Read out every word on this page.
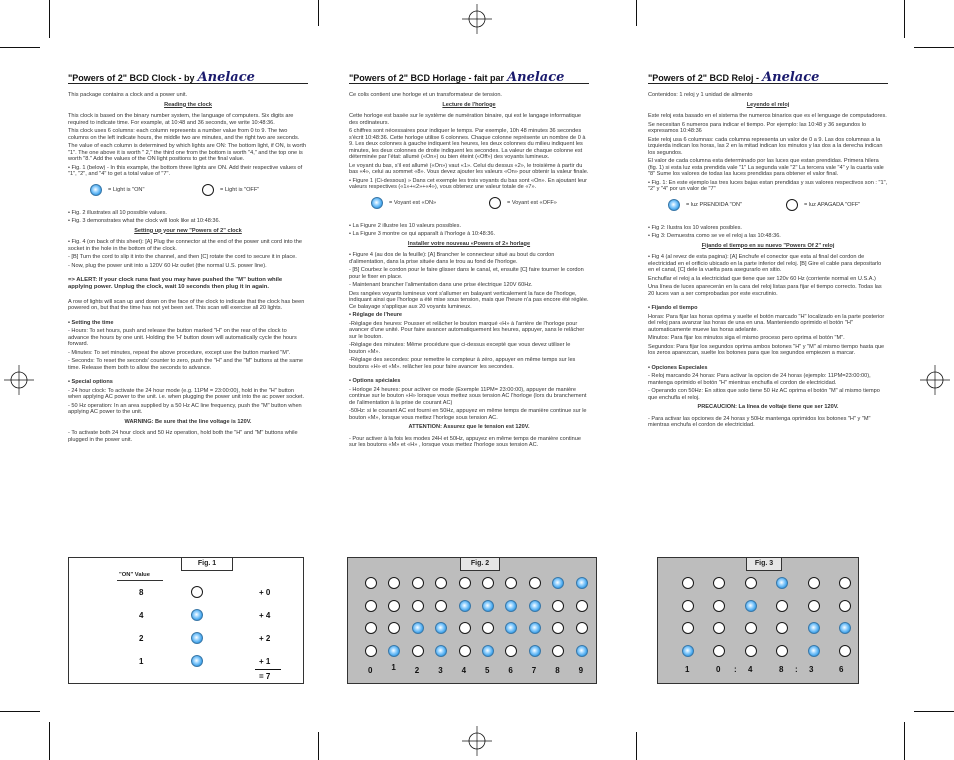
"Powers of 2" BCD Clock - by Anelace

This package contains a clock and a power unit.

Reading the clock

This clock is based on the binary number system, the language of computers. Six digits are required to indicate time. For example, at 10:48 and 36 seconds, we write 10:48:36.

This clock uses 6 columns: each column represents a number value from 0 to 9. The two columns on the left indicate hours, the middle two are minutes, and the right two are seconds.

The value of each column is determined by which lights are ON: The bottom light, if ON, is worth "1". The one above it is worth " 2," the third one from the bottom is worth "4," and the top one is worth "8." Add the values of the ON light positions to get the final value.

• Fig. 1 (below) - In this example, the bottom three lights are ON. Add their respective values of "1", "2", and "4" to get a total value of "7".

= Light is "ON"	= Light is "OFF"

• Fig. 2 illustrates all 10 possible values.

• Fig. 3 demonstrates what the clock will look like at 10:48:36.

Setting up your new "Powers of 2" clock

• Fig. 4 (on back of this sheet): [A] Plug the connector at the end of the power unit cord into the socket in the hole in the bottom of the clock.

- [B] Turn the cord to slip it into the channel, and then [C] rotate the cord to secure it in place.

- Now, plug the power unit into a 120V 60 Hz outlet (the normal U.S. power line).

=> ALERT: If your clock runs fast you may have pushed the "M" button while applying power. Unplug the clock, wait 10 seconds then plug it in again.

A row of lights will scan up and down on the face of the clock to indicate that the clock has been powered on, but that the time has not yet been set. This scan will exercise all 20 lights.

• Setting the time

- Hours: To set hours, push and release the button marked "H" on the rear of the clock to advance the hours by one unit. Holding the 'H' button down will automatically cycle the hours forward.

- Minutes: To set minutes, repeat the above procedure, except use the button marked "M".

- Seconds: To reset the seconds' counter to zero, push the "H" and the "M" buttons at the same time. Release them both to allow the seconds to advance.

• Special options

- 24 hour clock: To activate the 24 hour mode (e.g. 11PM = 23:00:00), hold in the "H" button when applying AC power to the unit. i.e. when plugging the power unit into the ac power socket.

- 50 Hz operation: In an area supplied by a 50 Hz AC line frequency, push the "M" button when applying AC power to the unit.

WARNING: Be sure that the line voltage is 120V.

- To activate both 24 hour clock and 50 Hz operation, hold both the "H" and "M" buttons while plugged in the power unit.

"Powers of 2" BCD Horlage - fait par Anelace

Ce colis contient une horloge et un transformateur de tension.

Lecture de l'horloge

Cette horloge est basée sur le système de numération binaire, qui est le langage informatique des ordinateurs.

6 chiffres sont nécessaires pour indiquer le temps. Par exemple, 10h 48 minutes 36 secondes s'écrit 10:48:36. Cette horloge utilise 6 colonnes. Chaque colonne représente un nombre de 0 à 9. Les deux colonnes à gauche indiquent les heures, les deux colonnes du milieu indiquent les minutes, les deux colonnes de droite indiquent les secondes. La valeur de chaque colonne est déterminée par l'état: allumé («On») ou bien éteint («Off») des voyants lumineux.

Le voyant du bas, s'il est allumé («On») vaut «1». Celui du dessus «2», le troisième à partir du bas «4», celui au sommet «8». Vous devez ajouter les valeurs «On» pour obtenir la valeur finale.

• Figure 1 (Ci-dessous) » Dans cet exemple les trois voyants du bas sont «On». En ajoutant leur valeurs respectives («1»+«2»+«4»), vous obtenez une valeur totale de «7».

= Voyant est «ON»	= Voyant est «OFF»

• La Figure 2 illustre les 10 valeurs possibles.

• La Figure 3 montre ce qui apparaît à l'horloge à 10:48:36.

Installer votre nouveau «Powers of 2» horlage

• Figure 4 (au dos de la feuille): [A] Brancher le connecteur situé au bout du cordon d'alimentation, dans la prise située dans le trou au fond de l'horloge.

- [B] Courbez le cordon pour le faire glisser dans le canal, et, ensuite [C] faire tourner le cordon pour le fixer en place.

- Maintenant brancher l'alimentation dans une prise électrique 120V 60Hz.

Des rangées voyants lumineux vont s'allumer en balayant verticalement la face de l'horloge, indiquant ainsi que l'horloge a été mise sous tension, mais que l'heure n'a pas encore été réglée. Ce balayage s'applique aux 20 voyants lumineux.

• Réglage de l'heure

-Réglage des heures: Pousser et relâcher le bouton marqué «H» à l'arrière de l'horloge pour avancer d'une unité. Pour faire avancer automatiquement les heures, appuyer, sans le relâcher sur le bouton.

-Réglage des minutes: Même procédure que ci-dessus excepté que vous devez utiliser le bouton «M».

-Réglage des secondes: pour remettre le compteur à zéro, appuyer en même temps sur les boutons «H» et «M». relâcher les pour faire avancer les secondes.

• Options spéciales

- Horloge 24 heures: pour activer ce mode (Exemple 11PM= 23:00:00), appuyer de manière continue sur le bouton «H» lorsque vous mettez sous tension AC l'horloge (lors du branchement de l'alimentation à la prise de courant AC)

-50Hz: si le courant AC est fourni en 50Hz, appuyez en même temps de manière continue sur le bouton «M», lorsque vous mettez l'horloge sous tension AC.

ATTENTION: Assurez que le tension est 120V.

- Pour activer à la fois les modes 24H et 50Hz, appuyez en même temps de manière continue sur les boutons «M» et «H» , lorsque vous mettez l'horloge sous tension AC.

"Powers of 2" BCD Reloj - Anelace

Contenidos: 1 reloj y 1 unidad de alimento

Leyendo el reloj

Este reloj esta basado en el sistema the numeros binarios que es el lenguage de computadores.

Se necesitan 6 numeros para indicar el tiempo. Por ejemplo: las 10:48 y 36 segundos lo expresamos 10:48:36

Este reloj usa 6 columnas: cada columna representa un valor de 0 a 9. Las dos columnas a la izquierda indican los horas, las 2 en la mitad indican los minutos y las dos a la derecha indican los segundos.

El valor de cada columna esta determinado por las luces que estan prendidas. Primera hilera (fig. 1) si esta luz esta prendida vale "1" La segunda vale "2" La tercera vale "4" y la cuarta vale "8" Sume los valores de todas las luces prendidas para obtener el valor final.

• Fig. 1: En este ejemplo las tres luces bajas estan prendidas y sus valores respectivos son : "1", "2" y "4" por un valor de "7"

= luz PRENDIDA "ON"	= luz APAGADA "OFF"

• Fig 2: Ilustra los 10 valores posibles.

• Fig 3: Demuestra como se ve el reloj a las 10:48:36.

Fijando el tiempo en su nuevo "Powers Of 2" reloj

• Fig 4 (al revez de esta pagina): [A] Enchufe el conector que esta al final del cordon de electricidad en el orificio ubicado en la parte inferior del reloj. [B] Gire el cable para depositarlo en el canal, [C] dele la vuelta para asegurarlo en sitio.

Enchuflar el reloj a la electricidad que tiene que ser 120v 60 Hz (corriente normal en U.S.A.)

Una línea de luces aparecerán en la cara del reloj listas para fijar el tiempo correcto. Todas las 20 luces van a ser comprobadas por este escrutinio.

• Fijando el tiempo

Horas: Para fijar las horas oprima y suelte el botón marcado "H" localizado en la parte posterior del reloj para avanzar las horas de una en una. Manteniendo oprimido el botón "H" automaticamente mueve las horas adelante.

Minutos: Para fijar los minutos siga el mismo proceso pero oprima el botón "M".

Segundos: Para fijar los segundos oprima ambos botones "H" y "M" al mismo tiempo hasta que los zeros aparezcan, suelte los botones para que los segundos empiezen a marcar.

• Opciones Especiales

- Reloj marcando 24 horas: Para activar la opcion de 24 horas (ejemplo: 11PM=23:00:00), mantenga oprimido el botón "H" mientras enchufla el cordon de electricidad.

- Operando con 50Hz: En sitios que solo tiene 50 Hz AC oprima el botón "M" al mismo tiempo que enchufla el reloj.

PRECAUCION: La línea de voltaje tiene que ser 120V.

- Para activar las opciones de 24 horas y 50Hz mantenga oprimidos los botones "H" y "M" mientras enchufa el cordon de electricidad.

Fig. 1
"ON" Value
8	+ 0
4	+ 4
2	+ 2
1	+ 1
= 7
Fig. 2
0 1 2 3 4 5 6 7 8 9
Fig. 3
1	0 : 4	8 : 3	6
